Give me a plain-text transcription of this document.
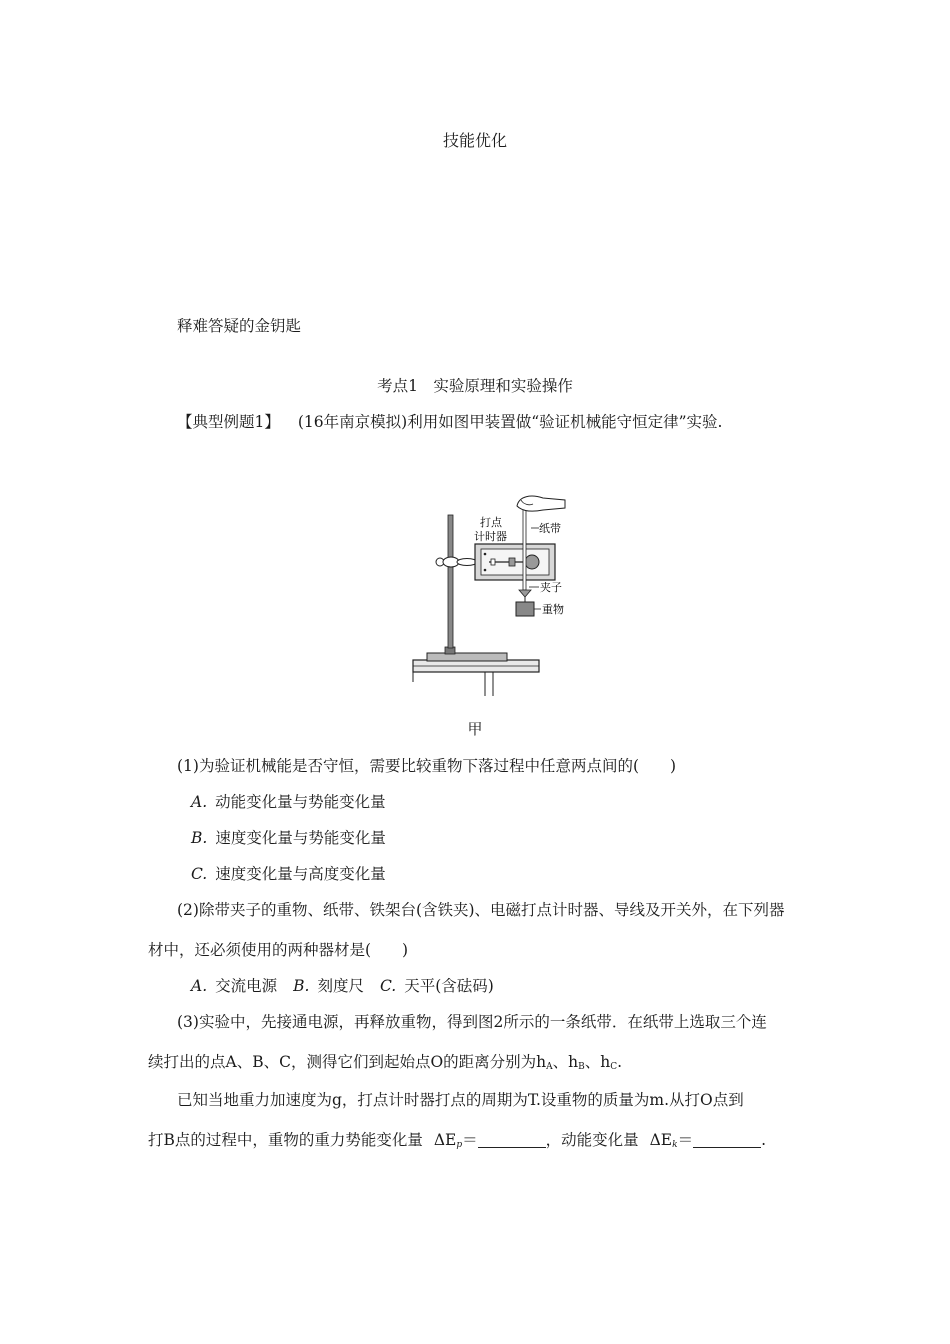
技能优化
释难答疑的金钥匙
考点1　实验原理和实验操作
【典型例题1】 (16年南京模拟)利用如图甲装置做“验证机械能守恒定律”实验.
打点
计时器
纸带
夹子
重物
甲
(1)为验证机械能是否守恒，需要比较重物下落过程中任意两点间的(　　)
A. 动能变化量与势能变化量
B. 速度变化量与势能变化量
C. 速度变化量与高度变化量
(2)除带夹子的重物、纸带、铁架台(含铁夹)、电磁打点计时器、导线及开关外，在下列器
材中，还必须使用的两种器材是(　　)
A. 交流电源 B. 刻度尺 C. 天平(含砝码)
(3)实验中，先接通电源，再释放重物，得到图2所示的一条纸带．在纸带上选取三个连
续打出的点A、B、C，测得它们到起始点O的距离分别为$h_A$、$h_B$、$h_C$.
已知当地重力加速度为g，打点计时器打点的周期为T.设重物的质量为m.从打O点到
打B点的过程中，重物的重力势能变化量 $\Delta E_p=$	，动能变化量 $\Delta E_k=$	.
